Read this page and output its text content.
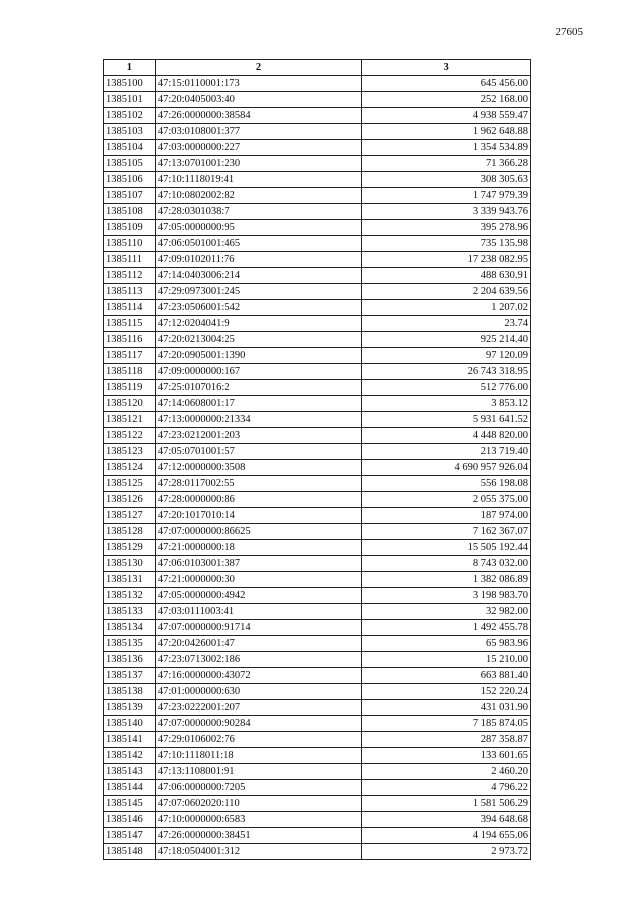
27605
1	2	3
1385100	47:15:0110001:173	645 456.00
1385101	47:20:0405003:40	252 168.00
1385102	47:26:0000000:38584	4 938 559.47
1385103	47:03:0108001:377	1 962 648.88
1385104	47:03:0000000:227	1 354 534.89
1385105	47:13:0701001:230	71 366.28
1385106	47:10:1118019:41	308 305.63
1385107	47:10:0802002:82	1 747 979.39
1385108	47:28:0301038:7	3 339 943.76
1385109	47:05:0000000:95	395 278.96
1385110	47:06:0501001:465	735 135.98
1385111	47:09:0102011:76	17 238 082.95
1385112	47:14:0403006:214	488 630.91
1385113	47:29:0973001:245	2 204 639.56
1385114	47:23:0506001:542	1 207.02
1385115	47:12:0204041:9	23.74
1385116	47:20:0213004:25	925 214.40
1385117	47:20:0905001:1390	97 120.09
1385118	47:09:0000000:167	26 743 318.95
1385119	47:25:0107016:2	512 776.00
1385120	47:14:0608001:17	3 853.12
1385121	47:13:0000000:21334	5 931 641.52
1385122	47:23:0212001:203	4 448 820.00
1385123	47:05:0701001:57	213 719.40
1385124	47:12:0000000:3508	4 690 957 926.04
1385125	47:28:0117002:55	556 198.08
1385126	47:28:0000000:86	2 055 375.00
1385127	47:20:1017010:14	187 974.00
1385128	47:07:0000000:86625	7 162 367.07
1385129	47:21:0000000:18	15 505 192.44
1385130	47:06:0103001:387	8 743 032.00
1385131	47:21:0000000:30	1 382 086.89
1385132	47:05:0000000:4942	3 198 983.70
1385133	47:03:0111003:41	32 982.00
1385134	47:07:0000000:91714	1 492 455.78
1385135	47:20:0426001:47	65 983.96
1385136	47:23:0713002:186	15 210.00
1385137	47:16:0000000:43072	663 881.40
1385138	47:01:0000000:630	152 220.24
1385139	47:23:0222001:207	431 031.90
1385140	47:07:0000000:90284	7 185 874.05
1385141	47:29:0106002:76	287 358.87
1385142	47:10:1118011:18	133 601.65
1385143	47:13:1108001:91	2 460.20
1385144	47:06:0000000:7205	4 796.22
1385145	47:07:0602020:110	1 581 506.29
1385146	47:10:0000000:6583	394 648.68
1385147	47:26:0000000:38451	4 194 655.06
1385148	47:18:0504001:312	2 973.72
